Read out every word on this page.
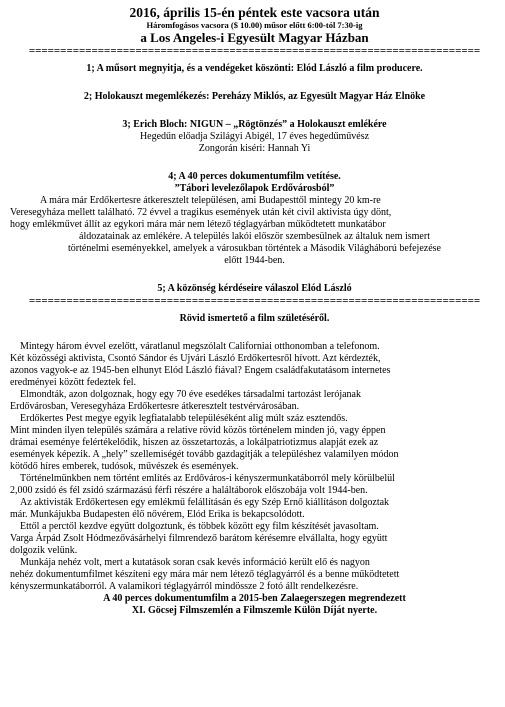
2016, április 15-én péntek este vacsora után
Háromfogásos vacsora ($ 10.00) műsor előtt 6:00-tól 7:30-ig
a Los Angeles-i Egyesült Magyar Házban
========================================================================
1; A műsort megnyitja, és a vendégeket köszönti: Elód László a film producere.
2; Holokauszt megemlékezés: Pereházy Miklós, az Egyesült Magyar Ház Elnöke
3; Erich Bloch: NIGUN – „Rögtönzés” a Holokauszt emlékére
Hegedűn előadja Szilágyi Abigél, 17 éves hegedűművész
Zongorán kiséri: Hannah Yi
4; A 40 perces dokumentumfilm vetítése.
”Tábori levelezőlapok Erdővárosból”
A mára már Erdőkertesre átkeresztelt településen, ami Budapesttől mintegy 20 km-re
Veresegyháza mellett található. 72 évvel a tragikus események után két civil aktivista úgy dönt,
hogy emlékművet állít az egykori mára már nem létező téglagyárban működtetett munkatábor
áldozatainak az emlékére. A település lakói először szembesülnek az általuk nem ismert
történelmi eseményekkel, amelyek a városukban történtek a Második Világháború befejezése
előtt 1944-ben.
5; A közönség kérdéseire válaszol Elód László
========================================================================
Rövid ismertető a film születéséről.
Mintegy három évvel ezelőtt, váratlanul megszólalt Californiai otthonomban a telefonom.
Két közösségi aktivista, Csontó Sándor és Ujvári László Erdőkertesről hívott. Azt kérdezték,
azonos vagyok-e az 1945-ben elhunyt Elód László fiával? Engem családfakutatásom internetes
eredményei között fedeztek fel.
Elmondták, azon dolgoznak, hogy egy 70 éve esedékes társadalmi tartozást lerójanak
Erdővárosban, Veresegyháza Erdőkertesre átkeresztelt testvérvárosában.
Erdőkertes Pest megye egyik legfiatalabb településéként alig múlt száz esztendős.
Mint minden ilyen település számára a relative rövid közös történelem minden jó, vagy éppen
drámai eseménye felértékelődik, hiszen az összetartozás, a lokálpatriotizmus alapját ezek az
események képezik. A „hely” szellemiségét tovább gazdagítják a településhez valamilyen módon
kötődő híres emberek, tudósok, művészek és események.
Történelmünkben nem történt említés az Erdőváros-i kényszermunkatáborról mely körülbelül
2,000 zsidó és fél zsidó származású férfi részére a haláltáborok előszobája volt 1944-ben.
Az aktivisták Erdőkertesen egy emlékmű felállításán és egy Szép Ernő kiállításon dolgoztak
már. Munkájukba Budapesten élő nővérem, Elód Erika is bekapcsolódott.
Ettől a perctől kezdve együtt dolgoztunk, és többek között egy film készítését javasoltam.
Varga Árpád Zsolt Hódmezővásárhelyi filmrendező barátom kérésemre elvállalta, hogy együtt
dolgozik velünk.
Munkája nehéz volt, mert a kutatások soran csak kevés információ került elő és nagyon
nehéz dokumentumfilmet készíteni egy mára már nem létező téglagyárról és a benne működtetett
kényszermunkatáborról. A valamikori téglagyárról mindössze 2 fotó állt rendelkezésre.
A 40 perces dokumentumfilm a 2015-ben Zalaegerszegen megrendezett
XI. Göcsej Filmszemlén a Filmszemle Külön Díját nyerte.
